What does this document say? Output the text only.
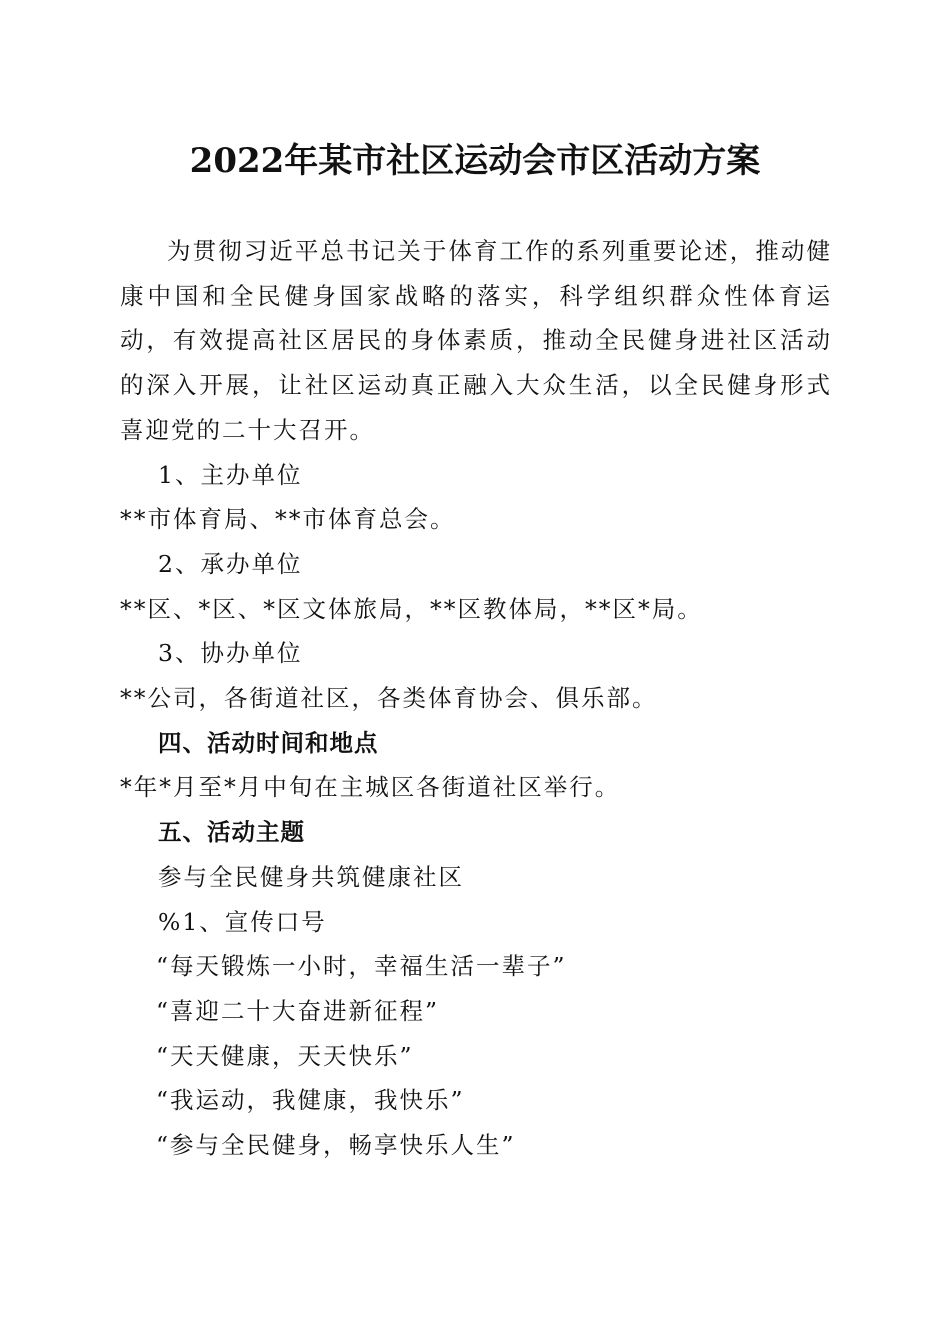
2022年某市社区运动会市区活动方案

为贯彻习近平总书记关于体育工作的系列重要论述，推动健康中国和全民健身国家战略的落实，科学组织群众性体育运动，有效提高社区居民的身体素质，推动全民健身进社区活动的深入开展，让社区运动真正融入大众生活，以全民健身形式喜迎党的二十大召开。

1、主办单位

**市体育局、**市体育总会。

2、承办单位

**区、*区、*区文体旅局，**区教体局，**区*局。

3、协办单位

**公司，各街道社区，各类体育协会、俱乐部。

四、活动时间和地点

*年*月至*月中旬在主城区各街道社区举行。

五、活动主题

参与全民健身共筑健康社区

%1、宣传口号

“每天锻炼一小时，幸福生活一辈子”

“喜迎二十大奋进新征程”

“天天健康，天天快乐”

“我运动，我健康，我快乐”

“参与全民健身，畅享快乐人生”
